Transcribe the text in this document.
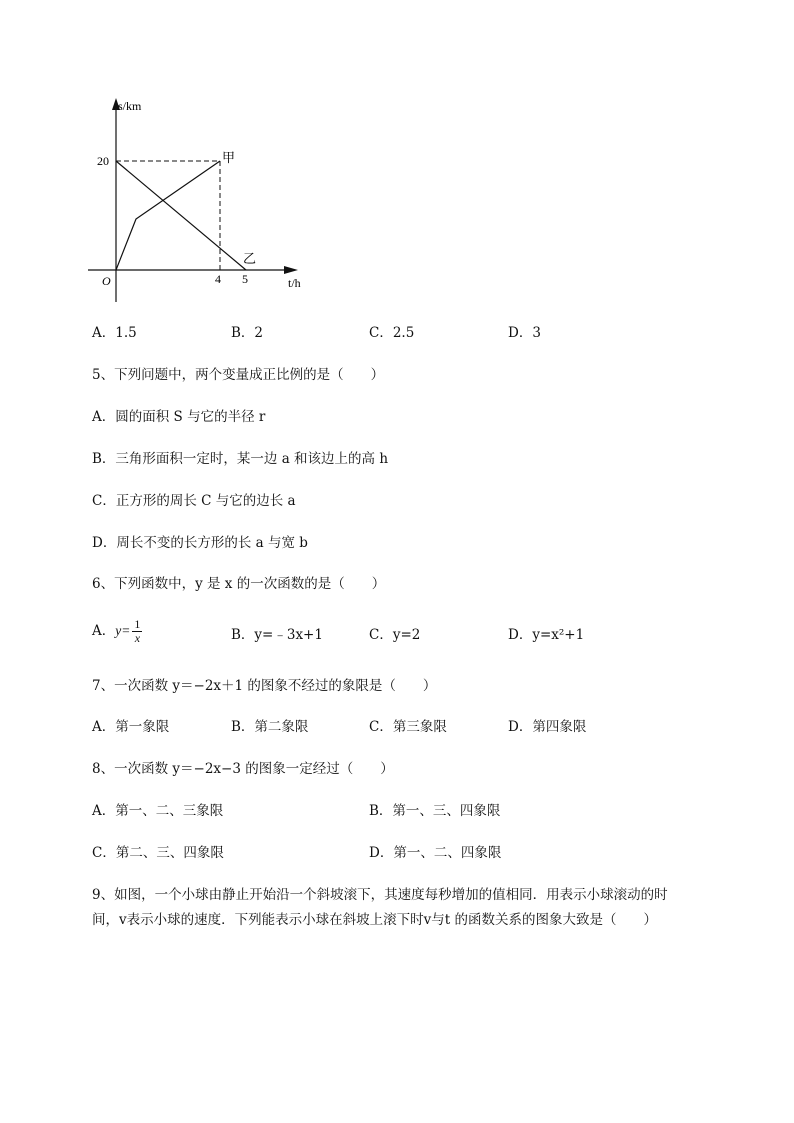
s/km
t/h
O
20
4 5
甲
乙
A．1.5	B．2	C．2.5	D．3
5、下列问题中，两个变量成正比例的是（　　）
A．圆的面积 S 与它的半径 r
B．三角形面积一定时，某一边 a 和该边上的高 h
C．正方形的周长 C 与它的边长 a
D．周长不变的长方形的长 a 与宽 b
6、下列函数中，y 是 x 的一次函数的是（　　）
A．$y= \frac{1}{x}$	B．y=﹣3x+1	C．y=2	D．y=x²+1
7、一次函数 y＝−2x＋1 的图象不经过的象限是（　　）
A．第一象限	B．第二象限	C．第三象限	D．第四象限
8、一次函数 y＝−2x−3 的图象一定经过（　　）
A．第一、二、三象限	B．第一、三、四象限
C．第二、三、四象限	D．第一、二、四象限
9、如图，一个小球由静止开始沿一个斜坡滚下，其速度每秒增加的值相同．用表示小球滚动的时
间，v表示小球的速度．下列能表示小球在斜坡上滚下时v与t 的函数关系的图象大致是（　　）
